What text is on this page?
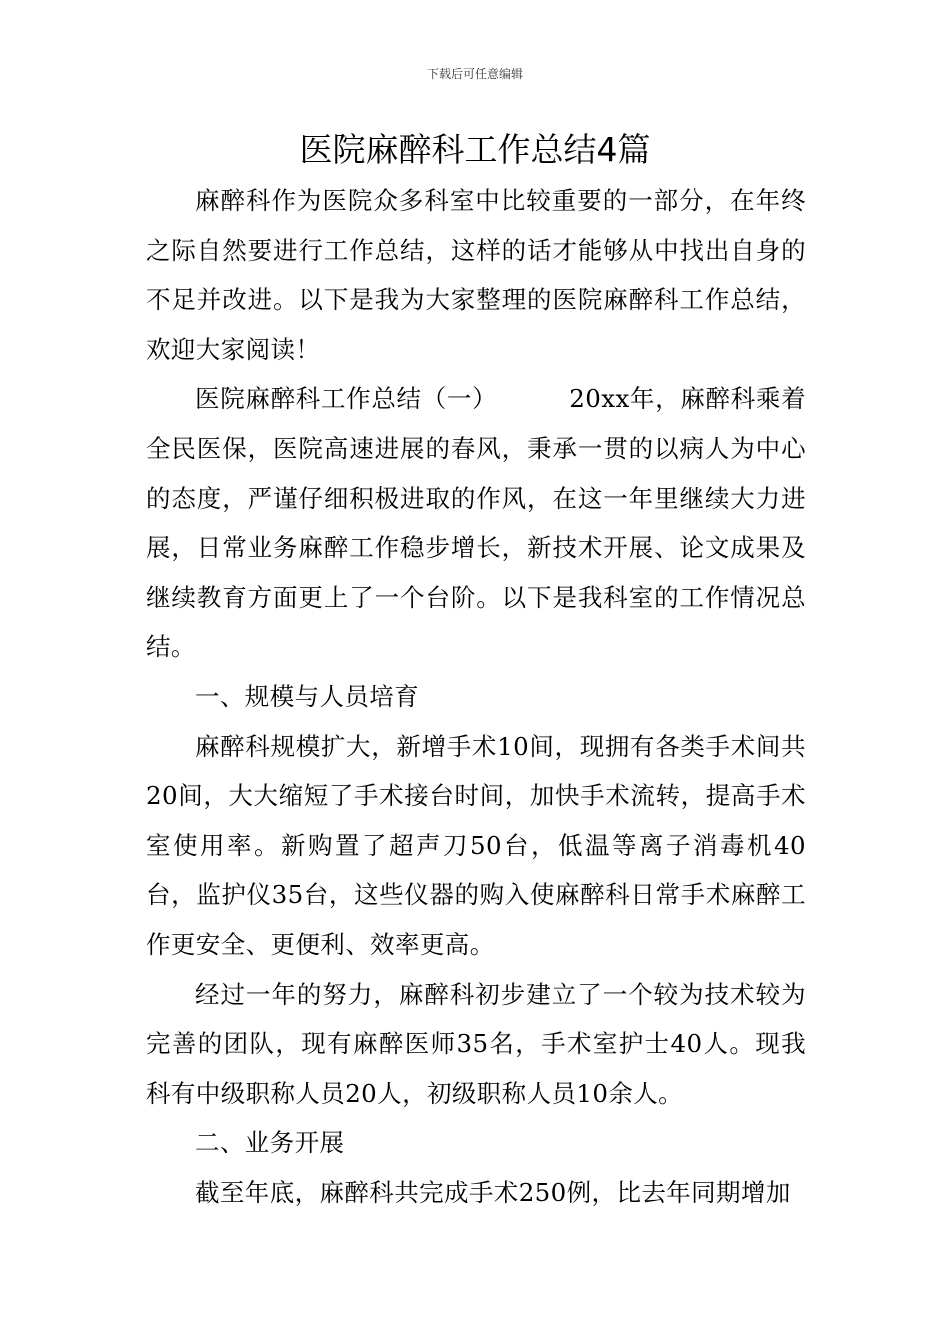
下载后可任意编辑
医院麻醉科工作总结4篇

麻醉科作为医院众多科室中比较重要的一部分，在年终之际自然要进行工作总结，这样的话才能够从中找出自身的不足并改进。以下是我为大家整理的医院麻醉科工作总结，欢迎大家阅读！

医院麻醉科工作总结（一）	20xx年，麻醉科乘着全民医保，医院高速进展的春风，秉承一贯的以病人为中心的态度，严谨仔细积极进取的作风，在这一年里继续大力进展，日常业务麻醉工作稳步增长，新技术开展、论文成果及继续教育方面更上了一个台阶。以下是我科室的工作情况总结。

一、规模与人员培育

麻醉科规模扩大，新增手术10间，现拥有各类手术间共20间，大大缩短了手术接台时间，加快手术流转，提高手术室使用率。新购置了超声刀50台，低温等离子消毒机40台，监护仪35台，这些仪器的购入使麻醉科日常手术麻醉工作更安全、更便利、效率更高。

经过一年的努力，麻醉科初步建立了一个较为技术较为完善的团队，现有麻醉医师35名，手术室护士40人。现我科有中级职称人员20人，初级职称人员10余人。

二、业务开展

截至年底，麻醉科共完成手术250例，比去年同期增加
